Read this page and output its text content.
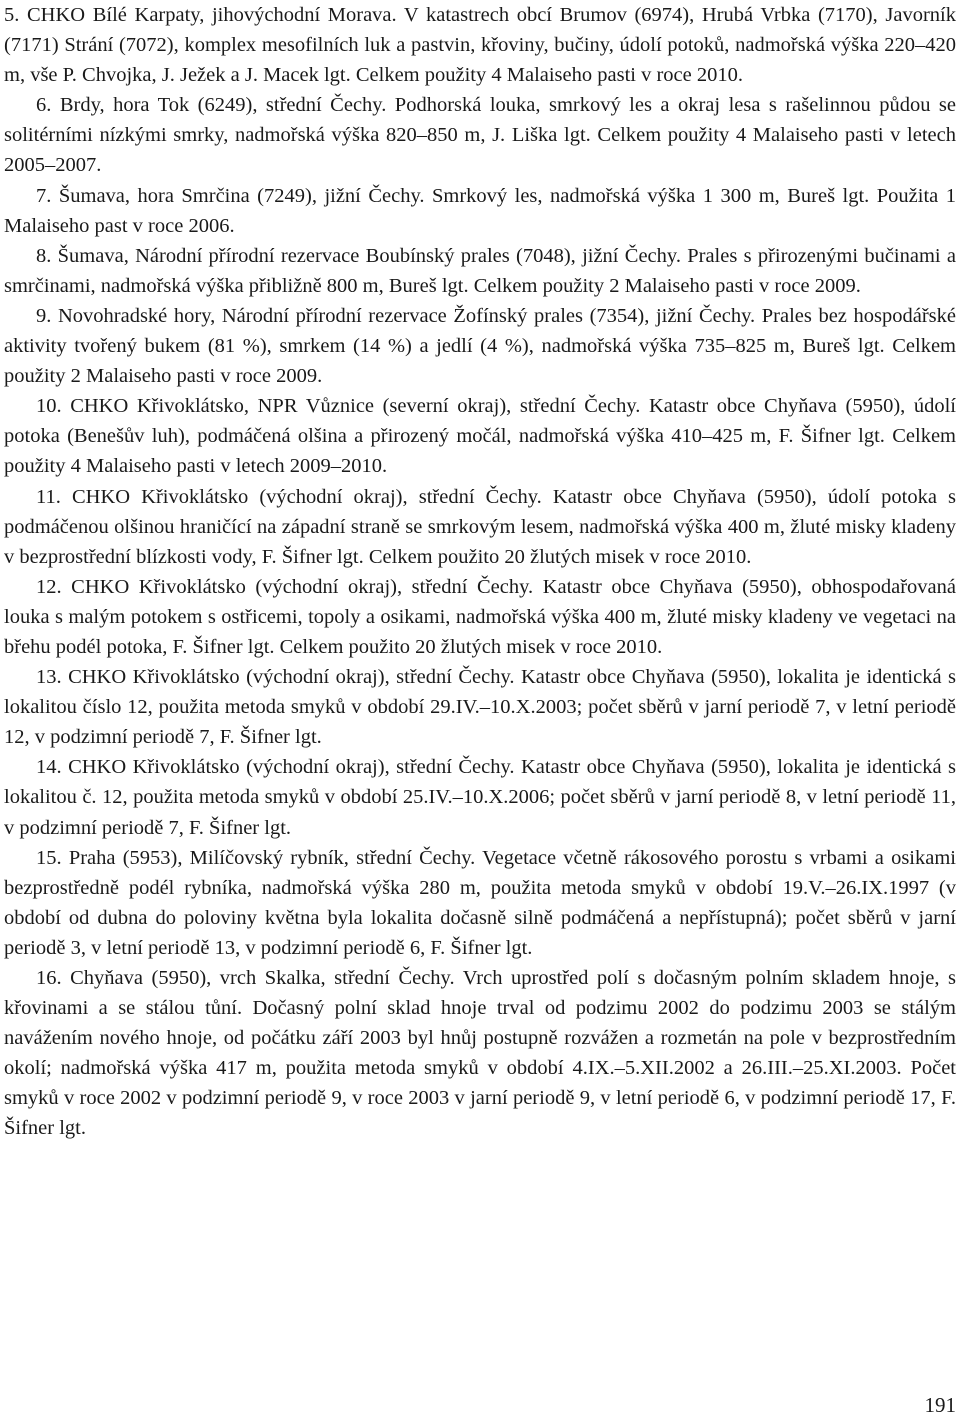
5. CHKO Bílé Karpaty, jihovýchodní Morava. V katastrech obcí Brumov (6974), Hrubá Vrbka (7170), Javorník (7171) Strání (7072), komplex mesofilních luk a pastvin, křoviny, bučiny, údolí potoků, nadmořská výška 220–420 m, vše P. Chvojka, J. Ježek a J. Macek lgt. Celkem použity 4 Malaiseho pasti v roce 2010.

6. Brdy, hora Tok (6249), střední Čechy. Podhorská louka, smrkový les a okraj lesa s rašelinnou půdou se solitérními nízkými smrky, nadmořská výška 820–850 m, J. Liška lgt. Celkem použity 4 Malaiseho pasti v letech 2005–2007.

7. Šumava, hora Smrčina (7249), jižní Čechy. Smrkový les, nadmořská výška 1 300 m, Bureš lgt. Použita 1 Malaiseho past v roce 2006.

8. Šumava, Národní přírodní rezervace Boubínský prales (7048), jižní Čechy. Prales s přirozenými bučinami a smrčinami, nadmořská výška přibližně 800 m, Bureš lgt. Celkem použity 2 Malaiseho pasti v roce 2009.

9. Novohradské hory, Národní přírodní rezervace Žofínský prales (7354), jižní Čechy. Prales bez hospodářské aktivity tvořený bukem (81 %), smrkem (14 %) a jedlí (4 %), nadmořská výška 735–825 m, Bureš lgt. Celkem použity 2 Malaiseho pasti v roce 2009.

10. CHKO Křivoklátsko, NPR Vůznice (severní okraj), střední Čechy. Katastr obce Chyňava (5950), údolí potoka (Benešův luh), podmáčená olšina a přirozený močál, nadmořská výška 410–425 m, F. Šifner lgt. Celkem použity 4 Malaiseho pasti v letech 2009–2010.

11. CHKO Křivoklátsko (východní okraj), střední Čechy. Katastr obce Chyňava (5950), údolí potoka s podmáčenou olšinou hraničící na západní straně se smrkovým lesem, nadmořská výška 400 m, žluté misky kladeny v bezprostřední blízkosti vody, F. Šifner lgt. Celkem použito 20 žlutých misek v roce 2010.

12. CHKO Křivoklátsko (východní okraj), střední Čechy. Katastr obce Chyňava (5950), obhospodařovaná louka s malým potokem s ostřicemi, topoly a osikami, nadmořská výška 400 m, žluté misky kladeny ve vegetaci na břehu podél potoka, F. Šifner lgt. Celkem použito 20 žlutých misek v roce 2010.

13. CHKO Křivoklátsko (východní okraj), střední Čechy. Katastr obce Chyňava (5950), lokalita je identická s lokalitou číslo 12, použita metoda smyků v období 29.IV.–10.X.2003; počet sběrů v jarní periodě 7, v letní periodě 12, v podzimní periodě 7, F. Šifner lgt.

14. CHKO Křivoklátsko (východní okraj), střední Čechy. Katastr obce Chyňava (5950), lokalita je identická s lokalitou č. 12, použita metoda smyků v období 25.IV.–10.X.2006; počet sběrů v jarní periodě 8, v letní periodě 11, v podzimní periodě 7, F. Šifner lgt.

15. Praha (5953), Milíčovský rybník, střední Čechy. Vegetace včetně rákosového porostu s vrbami a osikami bezprostředně podél rybníka, nadmořská výška 280 m, použita metoda smyků v období 19.V.–26.IX.1997 (v období od dubna do poloviny května byla lokalita dočasně silně podmáčená a nepřístupná); počet sběrů v jarní periodě 3, v letní periodě 13, v podzimní periodě 6, F. Šifner lgt.

16. Chyňava (5950), vrch Skalka, střední Čechy. Vrch uprostřed polí s dočasným polním skladem hnoje, s křovinami a se stálou tůní. Dočasný polní sklad hnoje trval od podzimu 2002 do podzimu 2003 se stálým navážením nového hnoje, od počátku září 2003 byl hnůj postupně rozvážen a rozmetán na pole v bezprostředním okolí; nadmořská výška 417 m, použita metoda smyků v období 4.IX.–5.XII.2002 a 26.III.–25.XI.2003. Počet smyků v roce 2002 v podzimní periodě 9, v roce 2003 v jarní periodě 9, v letní periodě 6, v podzimní periodě 17, F. Šifner lgt.

191
